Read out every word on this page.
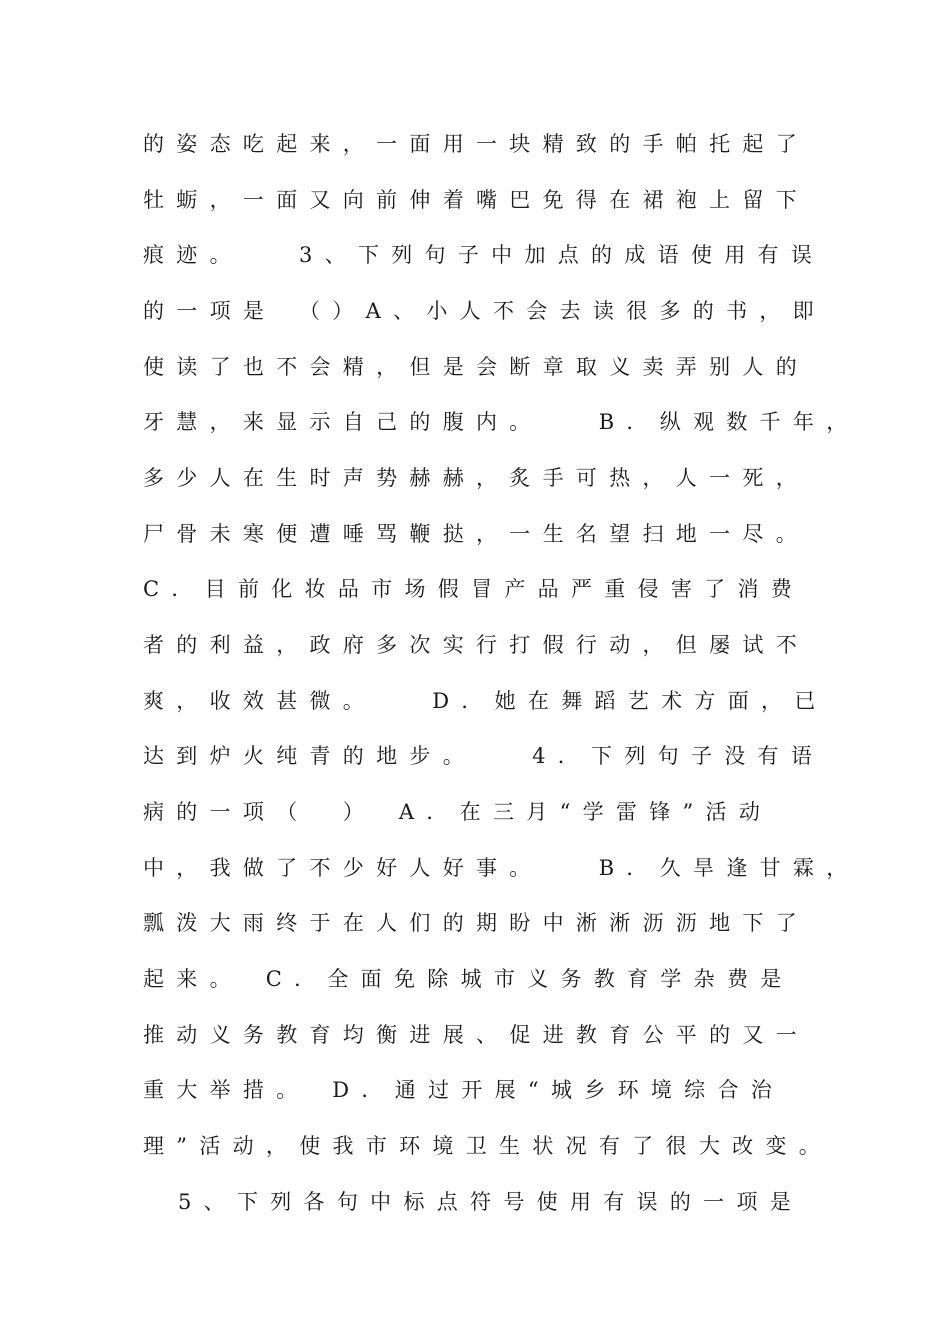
的姿态吃起来，一面用一块精致的手帕托起了
牡蛎，一面又向前伸着嘴巴免得在裙袍上留下
痕迹。　　3、下列句子中加点的成语使用有误
的一项是　（）A、小人不会去读很多的书，即
使读了也不会精，但是会断章取义卖弄别人的
牙慧，来显示自己的腹内。　　B．纵观数千年，
多少人在生时声势赫赫，炙手可热，人一死，
尸骨未寒便遭唾骂鞭挞，一生名望扫地一尽。
C．目前化妆品市场假冒产品严重侵害了消费
者的利益，政府多次实行打假行动，但屡试不
爽，收效甚微。　　D．她在舞蹈艺术方面，已
达到炉火纯青的地步。　　4．下列句子没有语
病的一项（　）　A．在三月“学雷锋”活动
中，我做了不少好人好事。　　B．久旱逢甘霖，
瓢泼大雨终于在人们的期盼中淅淅沥沥地下了
起来。　C．全面免除城市义务教育学杂费是
推动义务教育均衡进展、促进教育公平的又一
重大举措。　D．通过开展“城乡环境综合治
理”活动，使我市环境卫生状况有了很大改变。
5、下列各句中标点符号使用有误的一项是
